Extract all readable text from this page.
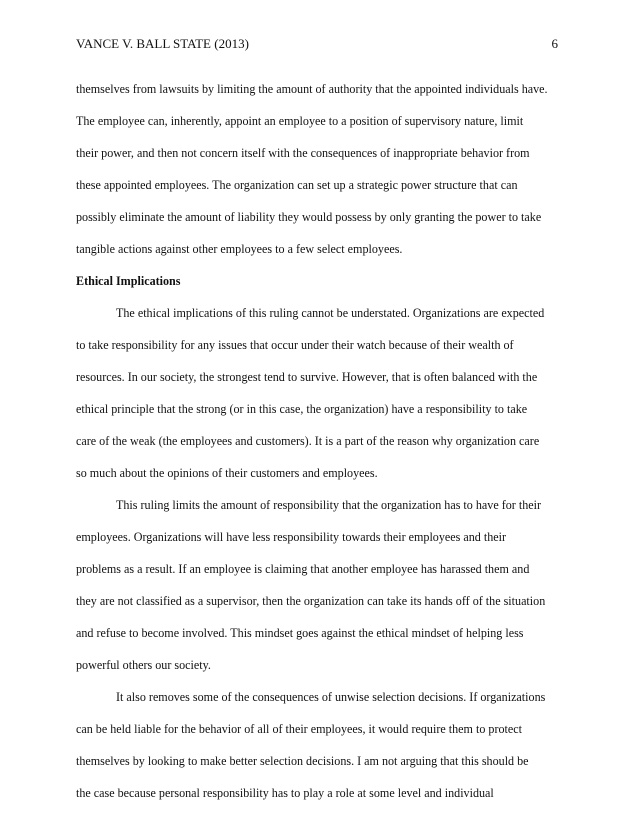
VANCE V. BALL STATE (2013)	6
themselves from lawsuits by limiting the amount of authority that the appointed individuals have.
The employee can, inherently, appoint an employee to a position of supervisory nature, limit
their power, and then not concern itself with the consequences of inappropriate behavior from
these appointed employees. The organization can set up a strategic power structure that can
possibly eliminate the amount of liability they would possess by only granting the power to take
tangible actions against other employees to a few select employees.
Ethical Implications
The ethical implications of this ruling cannot be understated. Organizations are expected
to take responsibility for any issues that occur under their watch because of their wealth of
resources. In our society, the strongest tend to survive. However, that is often balanced with the
ethical principle that the strong (or in this case, the organization) have a responsibility to take
care of the weak (the employees and customers). It is a part of the reason why organization care
so much about the opinions of their customers and employees.
This ruling limits the amount of responsibility that the organization has to have for their
employees. Organizations will have less responsibility towards their employees and their
problems as a result. If an employee is claiming that another employee has harassed them and
they are not classified as a supervisor, then the organization can take its hands off of the situation
and refuse to become involved. This mindset goes against the ethical mindset of helping less
powerful others our society.
It also removes some of the consequences of unwise selection decisions. If organizations
can be held liable for the behavior of all of their employees, it would require them to protect
themselves by looking to make better selection decisions. I am not arguing that this should be
the case because personal responsibility has to play a role at some level and individual
